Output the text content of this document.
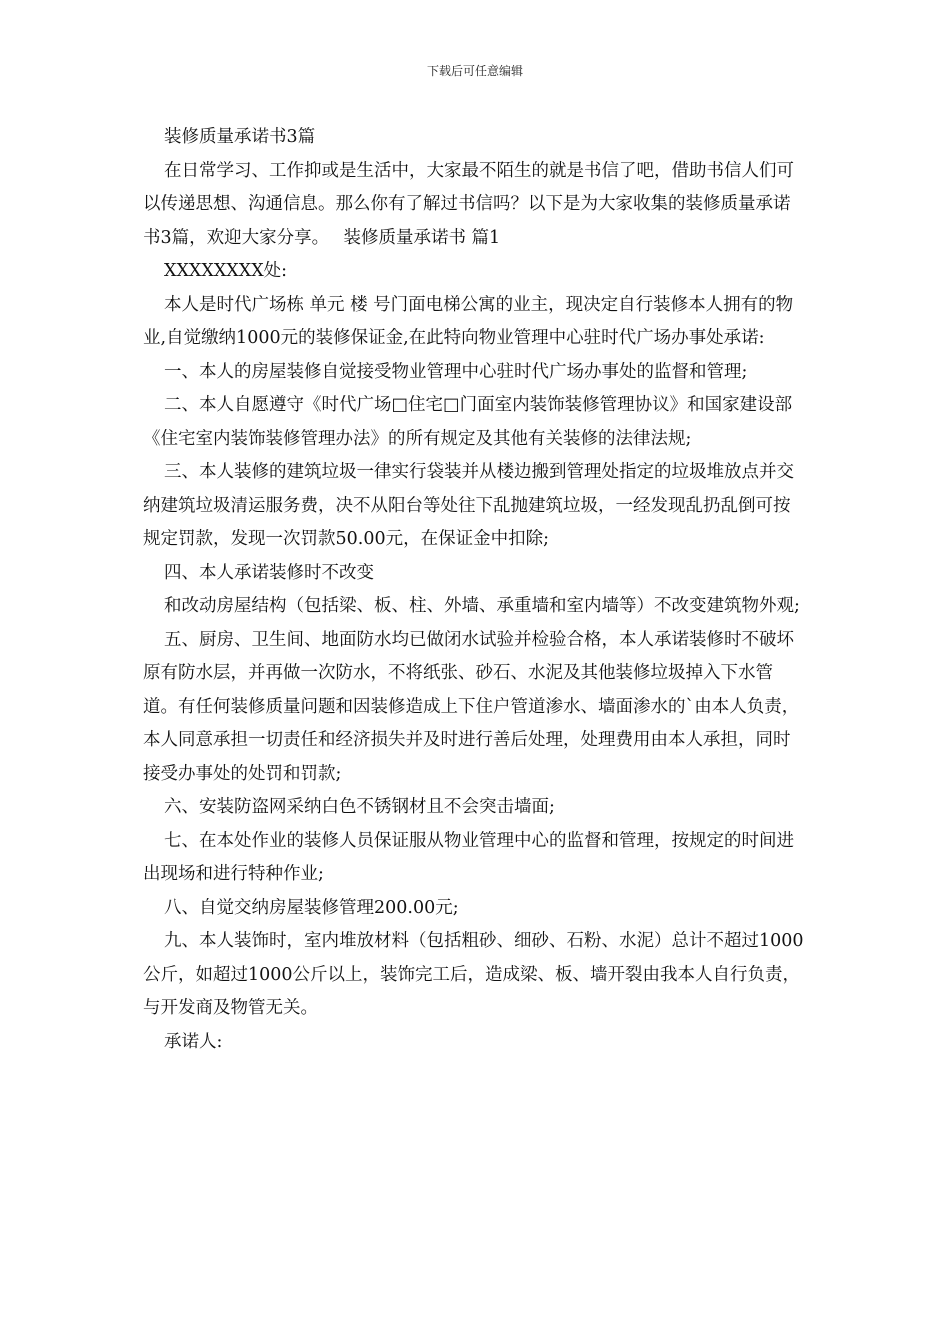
下载后可任意编辑

装修质量承诺书3篇

在日常学习、工作抑或是生活中，大家最不陌生的就是书信了吧，借助书信人们可以传递思想、沟通信息。那么你有了解过书信吗？以下是为大家收集的装修质量承诺书3篇，欢迎大家分享。　 装修质量承诺书 篇1

XXXXXXXX处:

本人是时代广场栋 单元 楼 号门面电梯公寓的业主，现决定自行装修本人拥有的物业,自觉缴纳1000元的装修保证金,在此特向物业管理中心驻时代广场办事处承诺:

一、本人的房屋装修自觉接受物业管理中心驻时代广场办事处的监督和管理;

二、本人自愿遵守《时代广场□住宅□门面室内装饰装修管理协议》和国家建设部《住宅室内装饰装修管理办法》的所有规定及其他有关装修的法律法规;

三、本人装修的建筑垃圾一律实行袋装并从楼边搬到管理处指定的垃圾堆放点并交纳建筑垃圾清运服务费，决不从阳台等处往下乱抛建筑垃圾，一经发现乱扔乱倒可按规定罚款，发现一次罚款50.00元，在保证金中扣除;

四、本人承诺装修时不改变

和改动房屋结构（包括梁、板、柱、外墙、承重墙和室内墙等）不改变建筑物外观;

五、厨房、卫生间、地面防水均已做闭水试验并检验合格，本人承诺装修时不破坏原有防水层，并再做一次防水，不将纸张、砂石、水泥及其他装修垃圾掉入下水管道。有任何装修质量问题和因装修造成上下住户管道渗水、墙面渗水的`由本人负责，本人同意承担一切责任和经济损失并及时进行善后处理，处理费用由本人承担，同时接受办事处的处罚和罚款;

六、安装防盗网采纳白色不锈钢材且不会突击墙面;

七、在本处作业的装修人员保证服从物业管理中心的监督和管理，按规定的时间进出现场和进行特种作业;

八、自觉交纳房屋装修管理200.00元;

九、本人装饰时，室内堆放材料（包括粗砂、细砂、石粉、水泥）总计不超过1000公斤，如超过1000公斤以上，装饰完工后，造成梁、板、墙开裂由我本人自行负责，与开发商及物管无关。

承诺人:
